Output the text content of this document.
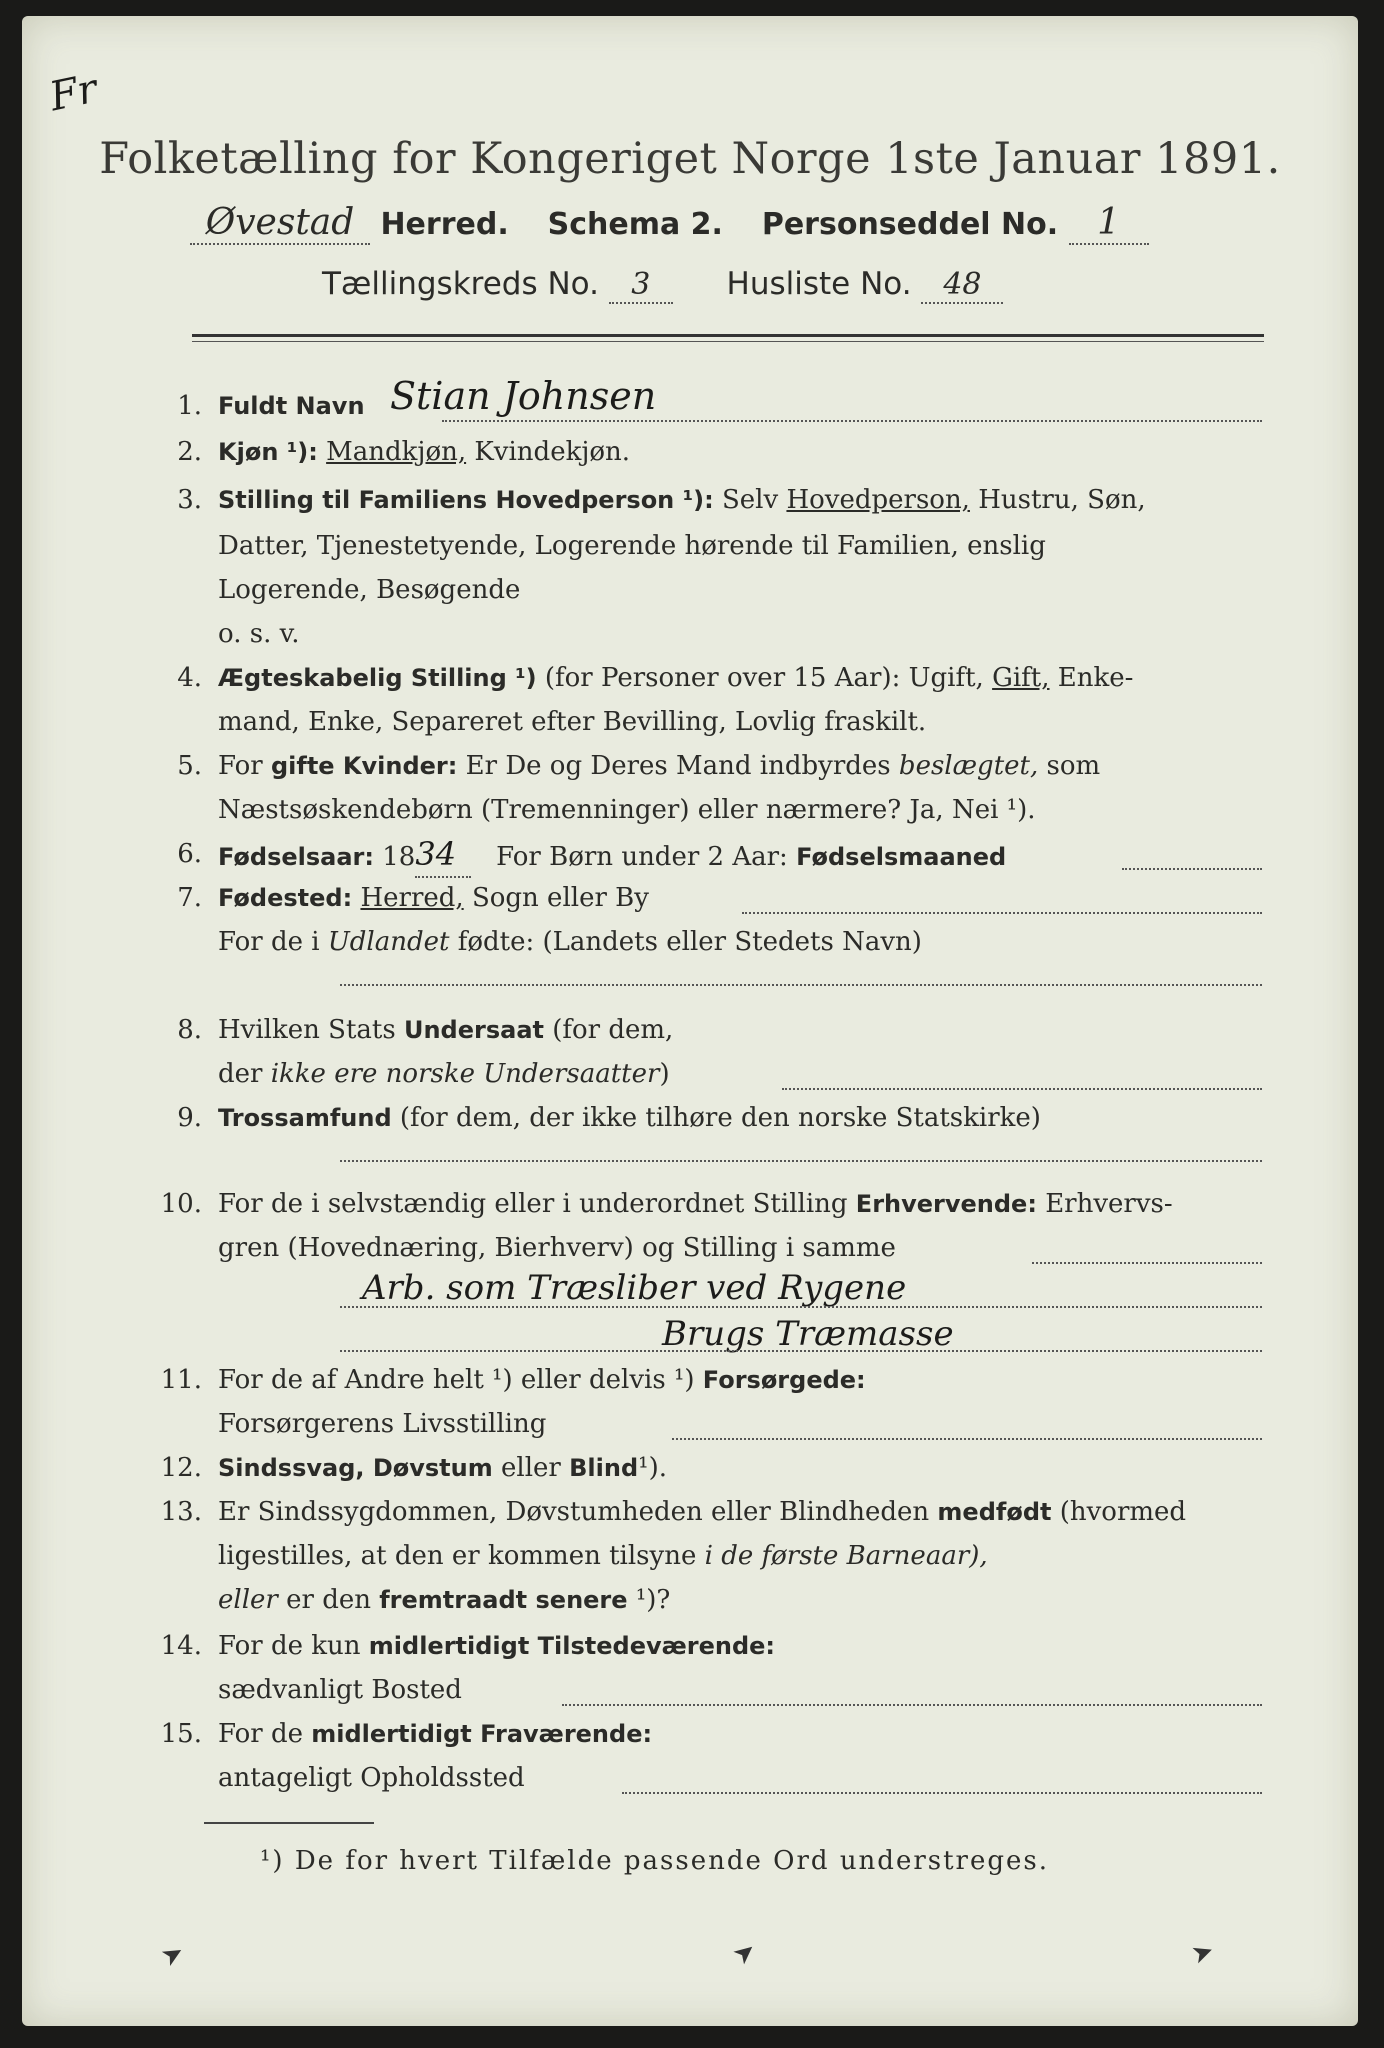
Fr
Folketælling for Kongeriget Norge 1ste Januar 1891.
Øvestad Herred. Schema 2. Personseddel No. 1
Tællingskreds No. 3 Husliste No. 48
1. Fuldt Navn Stian Johnsen
2. Kjøn ¹): Mandkjøn, Kvindekjøn.
3. Stilling til Familiens Hovedperson ¹): Selv Hovedperson, Hustru, Søn,
Datter, Tjenestetyende, Logerende hørende til Familien, enslig
Logerende, Besøgende
o. s. v.
4. Ægteskabelig Stilling ¹) (for Personer over 15 Aar): Ugift, Gift, Enke-
mand, Enke, Separeret efter Bevilling, Lovlig fraskilt.
5. For gifte Kvinder: Er De og Deres Mand indbyrdes beslægtet, som
Næstsøskendebørn (Tremenninger) eller nærmere? Ja, Nei ¹).
6. Fødselsaar: 1834 For Børn under 2 Aar: Fødselsmaaned
7. Fødested: Herred, Sogn eller By
For de i Udlandet fødte: (Landets eller Stedets Navn)
8. Hvilken Stats Undersaat (for dem,
der ikke ere norske Undersaatter)
9. Trossamfund (for dem, der ikke tilhøre den norske Statskirke)
10. For de i selvstændig eller i underordnet Stilling Erhvervende: Erhvervs-
gren (Hovednæring, Bierhverv) og Stilling i samme
Arb. som Træsliber ved Rygene
Brugs Træmasse
11. For de af Andre helt ¹) eller delvis ¹) Forsørgede:
Forsørgerens Livsstilling
12. Sindssvag, Døvstum eller Blind¹).
13. Er Sindssygdommen, Døvstumheden eller Blindheden medfødt (hvormed
ligestilles, at den er kommen tilsyne i de første Barneaar),
eller er den fremtraadt senere ¹)?
14. For de kun midlertidigt Tilstedeværende:
sædvanligt Bosted
15. For de midlertidigt Fraværende:
antageligt Opholdssted
¹) De for hvert Tilfælde passende Ord understreges.
➤	➤	➤
